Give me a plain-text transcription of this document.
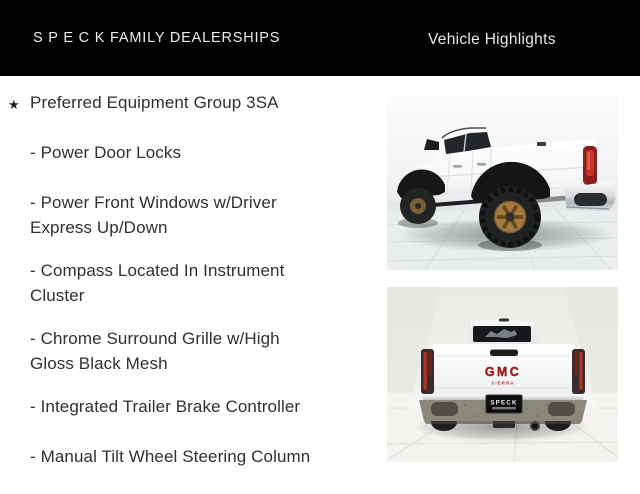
S P E C K FAMILY DEALERSHIPS	Vehicle Highlights
★ Preferred Equipment Group 3SA
- Power Door Locks
- Power Front Windows w/Driver
Express Up/Down
- Compass Located In Instrument
Cluster
- Chrome Surround Grille w/High
Gloss Black Mesh
- Integrated Trailer Brake Controller
- Manual Tilt Wheel Steering Column
GMC
SIERRA
SPECK
